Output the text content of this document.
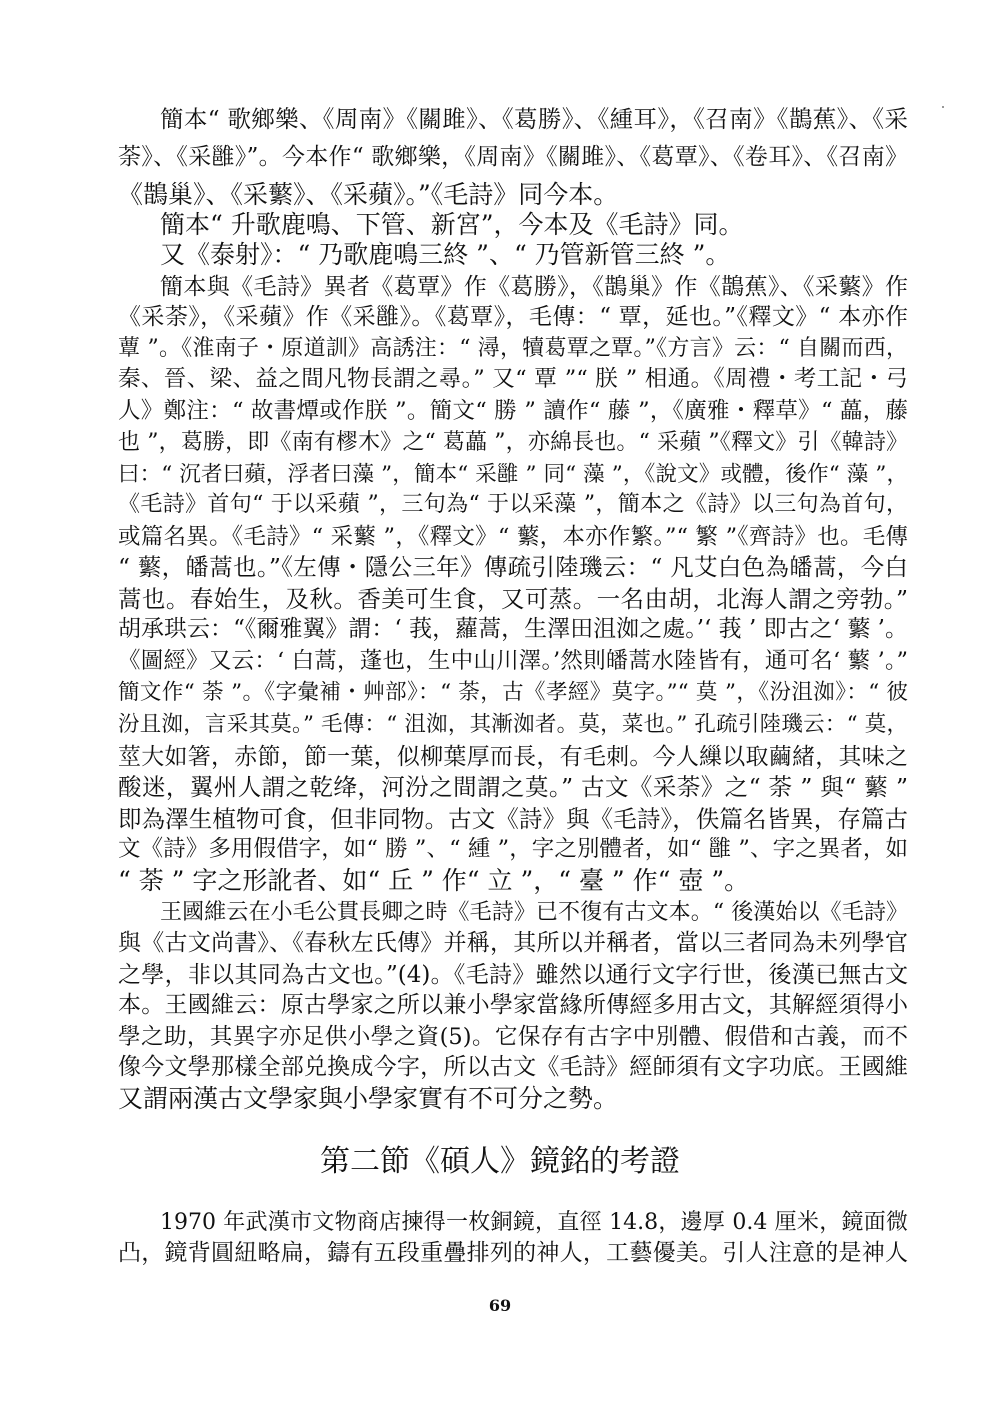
簡本“ 歌鄉樂、《周南》《關雎》、《葛勝》、《緟耳》，《召南》《鵲蕉》、《采

荼》、《采雝》”。今本作“ 歌鄉樂，《周南》《關雎》、《葛覃》、《卷耳》、《召南》

《鵲巢》、《采蘩》、《采蘋》。”《毛詩》同今本。

簡本“ 升歌鹿鳴、下管、新宮”，今本及《毛詩》同。

又《泰射》：“ 乃歌鹿鳴三終 ”、“ 乃管新管三終 ”。

簡本與《毛詩》異者《葛覃》作《葛勝》，《鵲巢》作《鵲蕉》、《采蘩》作

《采荼》，《采蘋》作《采雝》。《葛覃》，毛傳：“ 覃，延也。”《釋文》“ 本亦作

蕈 ”。《淮南子・原道訓》高誘注：“ 潯，犢葛覃之覃。”《方言》云：“ 自關而西，

秦、晉、梁、益之間凡物長謂之尋。” 又“ 覃 ”“ 朕 ” 相通。《周禮・考工記・弓

人》鄭注：“ 故書燂或作朕 ”。簡文“ 勝 ” 讀作“ 藤 ”，《廣雅・釋草》“ 藟，藤

也 ”，葛勝，即《南有樛木》之“ 葛藟 ”，亦綿長也。“ 采蘋 ”《釋文》引《韓詩》

曰：“ 沉者曰蘋，浮者曰藻 ”，簡本“ 采雝 ” 同“ 藻 ”，《說文》或體，後作“ 藻 ”，

《毛詩》首句“ 于以采蘋 ”，三句為“ 于以采藻 ”，簡本之《詩》以三句為首句，

或篇名異。《毛詩》“ 采蘩 ”，《釋文》“ 蘩，本亦作繁。”“ 繁 ”《齊詩》也。毛傳

“ 蘩，皤蒿也。”《左傳・隱公三年》傳疏引陸璣云：“ 凡艾白色為皤蒿，今白

蒿也。春始生，及秋。香美可生食，又可蒸。一名由胡，北海人謂之旁勃。”

胡承珙云：“《爾雅翼》謂：‘ 莪，蘿蒿，生澤田沮洳之處。’‘ 莪 ’ 即古之‘ 蘩 ’。

《圖經》又云：‘ 白蒿，蓬也，生中山川澤。’然則皤蒿水陸皆有，通可名‘ 蘩 ’。”

簡文作“ 荼 ”。《字彙補・艸部》：“ 荼，古《孝經》莫字。”“ 莫 ”，《汾沮洳》：“ 彼

汾且洳，言采其莫。” 毛傳：“ 沮洳，其漸洳者。莫，菜也。” 孔疏引陸璣云：“ 莫，

莖大如箸，赤節，節一葉，似柳葉厚而長，有毛刺。今人繅以取繭緒，其味之

酸迷，翼州人謂之乾绛，河汾之間謂之莫。” 古文《采荼》之“ 荼 ” 與“ 蘩 ”

即為澤生植物可食，但非同物。古文《詩》與《毛詩》，佚篇名皆異，存篇古

文《詩》多用假借字，如“ 勝 ”、“ 緟 ”，字之別體者，如“ 雝 ”、字之異者，如

“ 荼 ” 字之形訛者、如“ 丘 ” 作“ 立 ”，“ 臺 ” 作“ 壺 ”。

王國維云在小毛公貫長卿之時《毛詩》已不復有古文本。“ 後漢始以《毛詩》

與《古文尚書》、《春秋左氏傳》并稱，其所以并稱者，當以三者同為未列學官

之學，非以其同為古文也。”(4)。《毛詩》雖然以通行文字行世，後漢已無古文

本。王國維云：原古學家之所以兼小學家當緣所傳經多用古文，其解經須得小

學之助，其異字亦足供小學之資(5)。它保存有古字中別體、假借和古義，而不

像今文學那樣全部兑換成今字，所以古文《毛詩》經師須有文字功底。王國維

又謂兩漢古文學家與小學家實有不可分之勢。

第二節《碩人》鏡銘的考證

1970 年武漢市文物商店揀得一枚銅鏡，直徑 14.8，邊厚 0.4 厘米，鏡面微

凸，鏡背圓紐略扁，鑄有五段重疊排列的神人，工藝優美。引人注意的是神人

69
